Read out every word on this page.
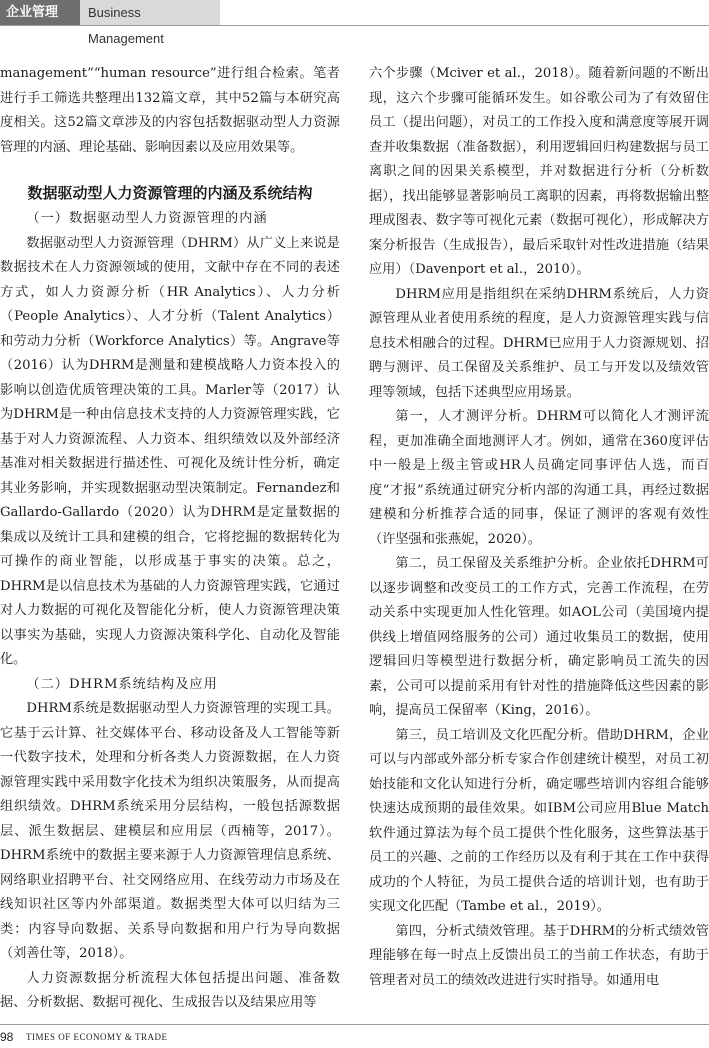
企业管理	Business Management

management”“human resource”进行组合检索。笔者进行手工筛选共整理出132篇文章，其中52篇与本研究高度相关。这52篇文章涉及的内容包括数据驱动型人力资源管理的内涵、理论基础、影响因素以及应用效果等。

数据驱动型人力资源管理的内涵及系统结构

（一）数据驱动型人力资源管理的内涵

数据驱动型人力资源管理（DHRM）从广义上来说是数据技术在人力资源领域的使用，文献中存在不同的表述方式，如人力资源分析（HR Analytics）、人力分析（People Analytics）、人才分析（Talent Analytics）和劳动力分析（Workforce Analytics）等。Angrave等（2016）认为DHRM是测量和建模战略人力资本投入的影响以创造优质管理决策的工具。Marler等（2017）认为DHRM是一种由信息技术支持的人力资源管理实践，它基于对人力资源流程、人力资本、组织绩效以及外部经济基准对相关数据进行描述性、可视化及统计性分析，确定其业务影响，并实现数据驱动型决策制定。Fernandez和Gallardo-Gallardo（2020）认为DHRM是定量数据的集成以及统计工具和建模的组合，它将挖掘的数据转化为可操作的商业智能，以形成基于事实的决策。总之，DHRM是以信息技术为基础的人力资源管理实践，它通过对人力数据的可视化及智能化分析，使人力资源管理决策以事实为基础，实现人力资源决策科学化、自动化及智能化。

（二）DHRM系统结构及应用

DHRM系统是数据驱动型人力资源管理的实现工具。它基于云计算、社交媒体平台、移动设备及人工智能等新一代数字技术，处理和分析各类人力资源数据，在人力资源管理实践中采用数字化技术为组织决策服务，从而提高组织绩效。DHRM系统采用分层结构，一般包括源数据层、派生数据层、建模层和应用层（西楠等，2017）。DHRM系统中的数据主要来源于人力资源管理信息系统、网络职业招聘平台、社交网络应用、在线劳动力市场及在线知识社区等内外部渠道。数据类型大体可以归结为三类：内容导向数据、关系导向数据和用户行为导向数据（刘善仕等，2018）。

人力资源数据分析流程大体包括提出问题、准备数据、分析数据、数据可视化、生成报告以及结果应用等

六个步骤（Mciver et al.，2018）。随着新问题的不断出现，这六个步骤可能循环发生。如谷歌公司为了有效留住员工（提出问题），对员工的工作投入度和满意度等展开调查并收集数据（准备数据），利用逻辑回归构建数据与员工离职之间的因果关系模型，并对数据进行分析（分析数据），找出能够显著影响员工离职的因素，再将数据输出整理成图表、数字等可视化元素（数据可视化），形成解决方案分析报告（生成报告），最后采取针对性改进措施（结果应用）（Davenport et al.，2010）。

DHRM应用是指组织在采纳DHRM系统后，人力资源管理从业者使用系统的程度，是人力资源管理实践与信息技术相融合的过程。DHRM已应用于人力资源规划、招聘与测评、员工保留及关系维护、员工与开发以及绩效管理等领域，包括下述典型应用场景。

第一，人才测评分析。DHRM可以简化人才测评流程，更加准确全面地测评人才。例如，通常在360度评估中一般是上级主管或HR人员确定同事评估人选，而百度“才报”系统通过研究分析内部的沟通工具，再经过数据建模和分析推荐合适的同事，保证了测评的客观有效性（许坚强和张燕妮，2020）。

第二，员工保留及关系维护分析。企业依托DHRM可以逐步调整和改变员工的工作方式，完善工作流程，在劳动关系中实现更加人性化管理。如AOL公司（美国境内提供线上增值网络服务的公司）通过收集员工的数据，使用逻辑回归等模型进行数据分析，确定影响员工流失的因素，公司可以提前采用有针对性的措施降低这些因素的影响，提高员工保留率（King，2016）。

第三，员工培训及文化匹配分析。借助DHRM，企业可以与内部或外部分析专家合作创建统计模型，对员工初始技能和文化认知进行分析，确定哪些培训内容组合能够快速达成预期的最佳效果。如IBM公司应用Blue Match软件通过算法为每个员工提供个性化服务，这些算法基于员工的兴趣、之前的工作经历以及有利于其在工作中获得成功的个人特征，为员工提供合适的培训计划，也有助于实现文化匹配（Tambe et al.，2019）。

第四，分析式绩效管理。基于DHRM的分析式绩效管理能够在每一时点上反馈出员工的当前工作状态，有助于管理者对员工的绩效改进进行实时指导。如通用电

98 TIMES OF ECONOMY & TRADE
